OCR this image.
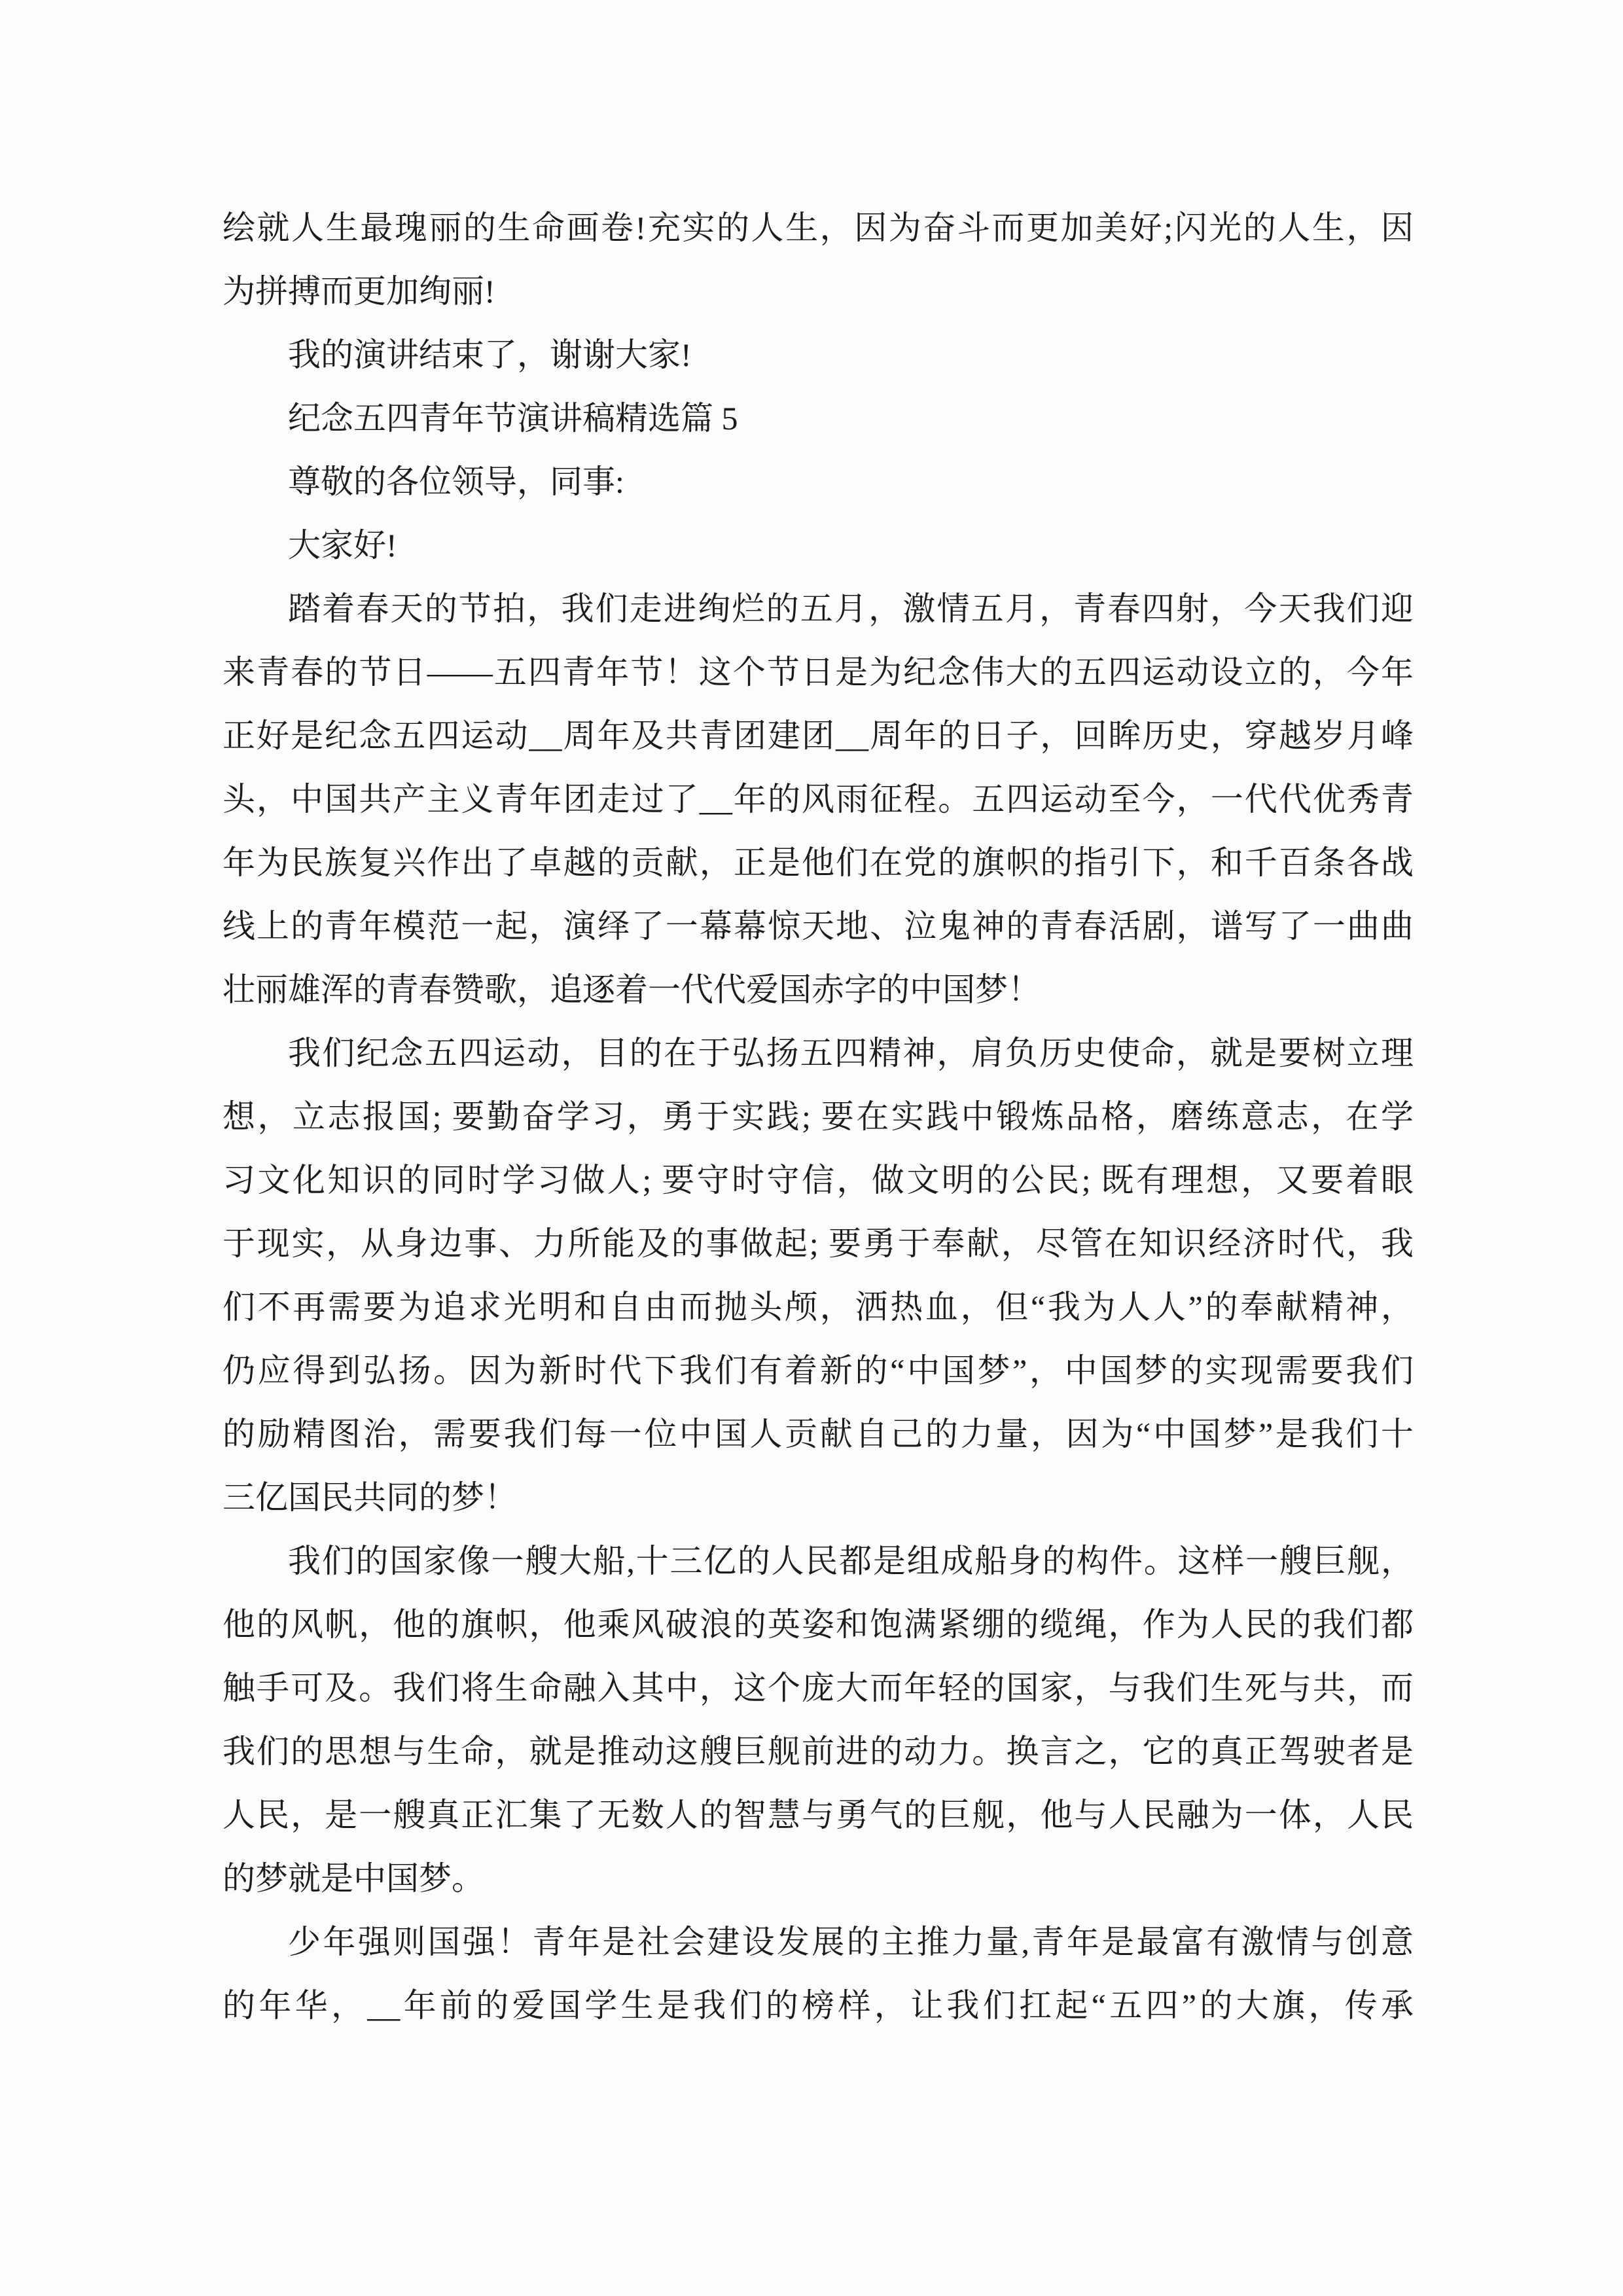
绘就人生最瑰丽的生命画卷!充实的人生，因为奋斗而更加美好;闪光的人生，因
为拼搏而更加绚丽!

我的演讲结束了，谢谢大家!

纪念五四青年节演讲稿精选篇 5

尊敬的各位领导，同事:

大家好!

踏着春天的节拍，我们走进绚烂的五月，激情五月，青春四射，今天我们迎
来青春的节日——五四青年节！这个节日是为纪念伟大的五四运动设立的，今年
正好是纪念五四运动__周年及共青团建团__周年的日子，回眸历史，穿越岁月峰
头，中国共产主义青年团走过了__年的风雨征程。五四运动至今，一代代优秀青
年为民族复兴作出了卓越的贡献，正是他们在党的旗帜的指引下，和千百条各战
线上的青年模范一起，演绎了一幕幕惊天地、泣鬼神的青春活剧，谱写了一曲曲
壮丽雄浑的青春赞歌，追逐着一代代爱国赤字的中国梦！

我们纪念五四运动，目的在于弘扬五四精神，肩负历史使命，就是要树立理
想，立志报国; 要勤奋学习，勇于实践; 要在实践中锻炼品格，磨练意志，在学
习文化知识的同时学习做人; 要守时守信，做文明的公民; 既有理想，又要着眼
于现实，从身边事、力所能及的事做起; 要勇于奉献，尽管在知识经济时代，我
们不再需要为追求光明和自由而抛头颅，洒热血，但“我为人人”的奉献精神，
仍应得到弘扬。因为新时代下我们有着新的“中国梦”，中国梦的实现需要我们
的励精图治，需要我们每一位中国人贡献自己的力量，因为“中国梦”是我们十
三亿国民共同的梦！

我们的国家像一艘大船,十三亿的人民都是组成船身的构件。这样一艘巨舰，
他的风帆，他的旗帜，他乘风破浪的英姿和饱满紧绷的缆绳，作为人民的我们都
触手可及。我们将生命融入其中，这个庞大而年轻的国家，与我们生死与共，而
我们的思想与生命，就是推动这艘巨舰前进的动力。换言之，它的真正驾驶者是
人民，是一艘真正汇集了无数人的智慧与勇气的巨舰，他与人民融为一体，人民
的梦就是中国梦。

少年强则国强！青年是社会建设发展的主推力量,青年是最富有激情与创意
的年华，__年前的爱国学生是我们的榜样，让我们扛起“五四”的大旗，传承
